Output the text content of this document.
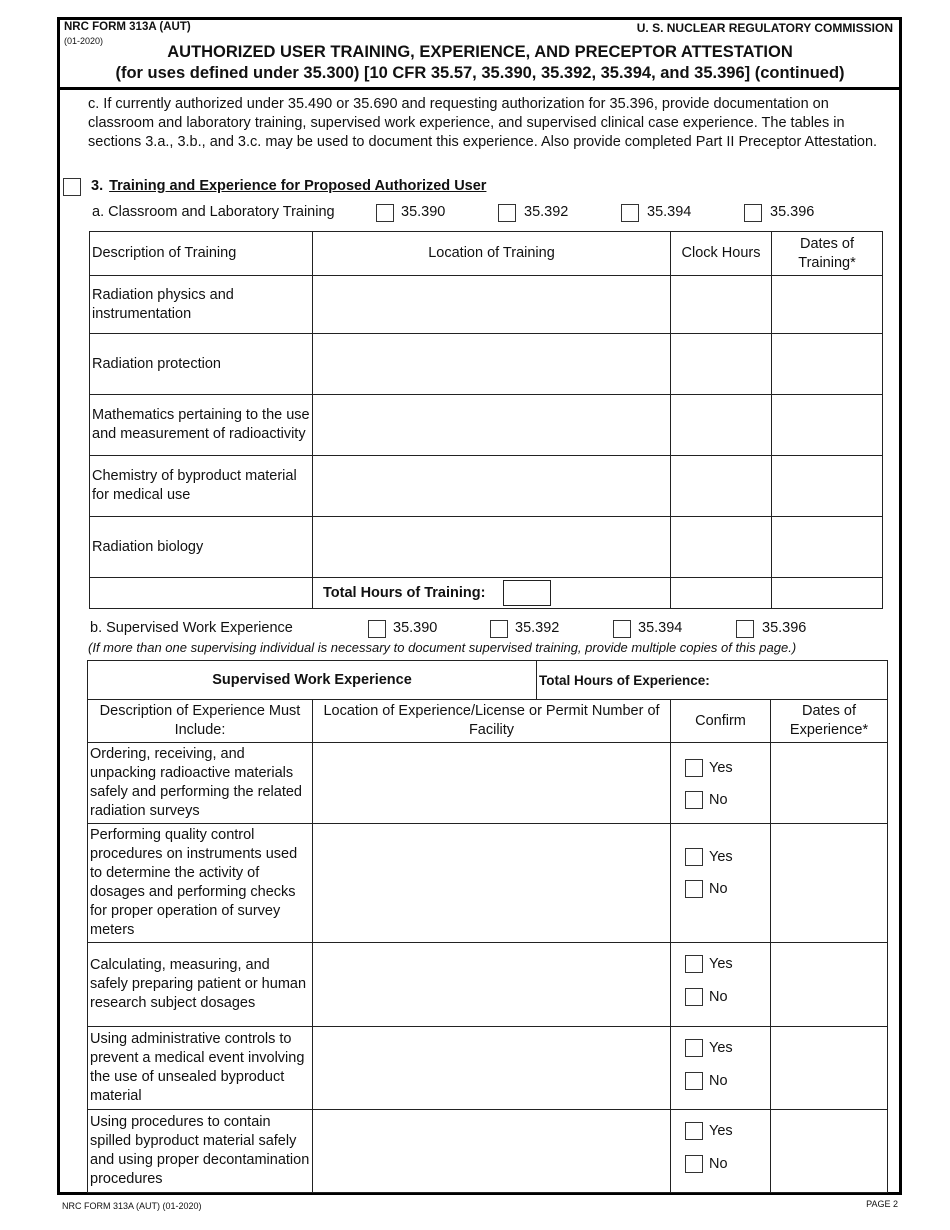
NRC FORM 313A (AUT)
(01-2020)
U. S. NUCLEAR REGULATORY COMMISSION
AUTHORIZED USER TRAINING, EXPERIENCE, AND PRECEPTOR ATTESTATION
(for uses defined under 35.300) [10 CFR 35.57, 35.390, 35.392, 35.394, and 35.396] (continued)
c. If currently authorized under 35.490 or 35.690 and requesting authorization for 35.396, provide documentation on classroom and laboratory training, supervised work experience, and supervised clinical case experience. The tables in sections 3.a., 3.b., and 3.c. may be used to document this experience. Also provide completed Part II Preceptor Attestation.
3. Training and Experience for Proposed Authorized User
a. Classroom and Laboratory Training	35.390	35.392	35.394	35.396
Description of Training	Location of Training	Clock Hours	Dates of Training*
Radiation physics and instrumentation			
Radiation protection			
Mathematics pertaining to the use and measurement of radioactivity			
Chemistry of byproduct material for medical use			
Radiation biology			
	Total Hours of Training:		
b. Supervised Work Experience	35.390	35.392	35.394	35.396
(If more than one supervising individual is necessary to document supervised training, provide multiple copies of this page.)
Supervised Work Experience		Total Hours of Experience:		
Description of Experience Must Include:	Location of Experience/License or Permit Number of Facility		Confirm	Dates of Experience*
Ordering, receiving, and unpacking radioactive materials safely and performing the related radiation surveys			Yes
No	

Performing quality control procedures on instruments used to determine the activity of dosages and performing checks for proper operation of survey meters			Yes
No	

Calculating, measuring, and safely preparing patient or human research subject dosages			Yes
No	

Using administrative controls to prevent a medical event involving the use of unsealed byproduct material			Yes
No	

Using procedures to contain spilled byproduct material safely and using proper decontamination procedures			Yes
No	

NRC FORM 313A (AUT) (01-2020)	PAGE 2
